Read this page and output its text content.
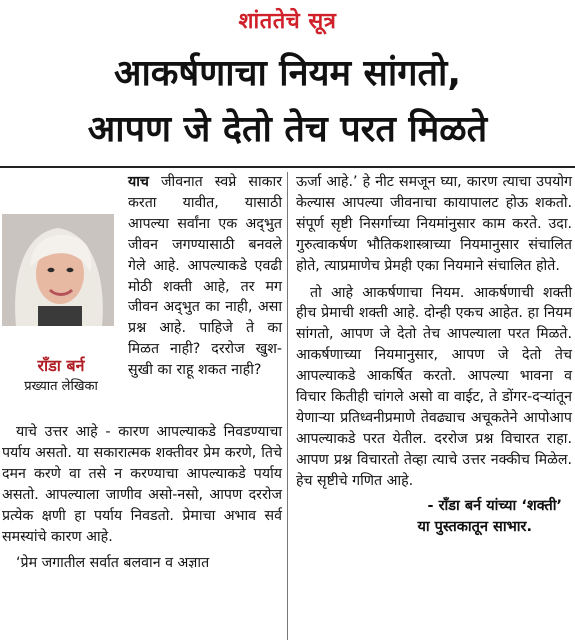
शांततेचे सूत्र
आकर्षणाचा नियम सांगतो,
आपण जे देतो तेच परत मिळते

याच जीवनात स्वप्ने साकार करता यावीत, यासाठी आपल्या सर्वांना एक अद्‌भुत जीवन जगण्यासाठी बनवले गेले आहे. आपल्याकडे एवढी मोठी शक्ती आहे, तर मग जीवन अद्‌भुत का नाही, असा प्रश्न आहे. पाहिजे ते का मिळत नाही? दररोज खुश-सुखी का राहू शकत नाही?

रॉंडा बर्न
प्रख्यात लेखिका

याचे उत्तर आहे - कारण आपल्याकडे निवडण्याचा पर्याय असतो. या सकारात्मक शक्तीवर प्रेम करणे, तिचे दमन करणे वा तसे न करण्याचा आपल्याकडे पर्याय असतो. आपल्याला जाणीव असो-नसो, आपण दररोज प्रत्येक क्षणी हा पर्याय निवडतो. प्रेमाचा अभाव सर्व समस्यांचे कारण आहे.

‘प्रेम जगातील सर्वात बलवान व अज्ञात

ऊर्जा आहे.’ हे नीट समजून घ्या, कारण त्याचा उपयोग केल्यास आपल्या जीवनाचा कायापालट होऊ शकतो. संपूर्ण सृष्टी निसर्गाच्या नियमांनुसार काम करते. उदा. गुरुत्वाकर्षण भौतिकशास्त्राच्या नियमानुसार संचालित होते, त्याप्रमाणेच प्रेमही एका नियमाने संचालित होते.

तो आहे आकर्षणाचा नियम. आकर्षणाची शक्ती हीच प्रेमाची शक्ती आहे. दोन्ही एकच आहेत. हा नियम सांगतो, आपण जे देतो तेच आपल्याला परत मिळते. आकर्षणाच्या नियमानुसार, आपण जे देतो तेच आपल्याकडे आकर्षित करतो. आपल्या भावना व विचार कितीही चांगले असो वा वाईट, ते डोंगर-दऱ्यांतून येणाऱ्या प्रतिध्वनीप्रमाणे तेवढ्याच अचूकतेने आपोआप आपल्याकडे परत येतील. दररोज प्रश्न विचारत राहा. आपण प्रश्न विचारतो तेव्हा त्याचे उत्तर नक्कीच मिळेल. हेच सृष्टीचे गणित आहे.

- रॉंडा बर्न यांच्या ‘शक्ती’
या पुस्तकातून साभार.
